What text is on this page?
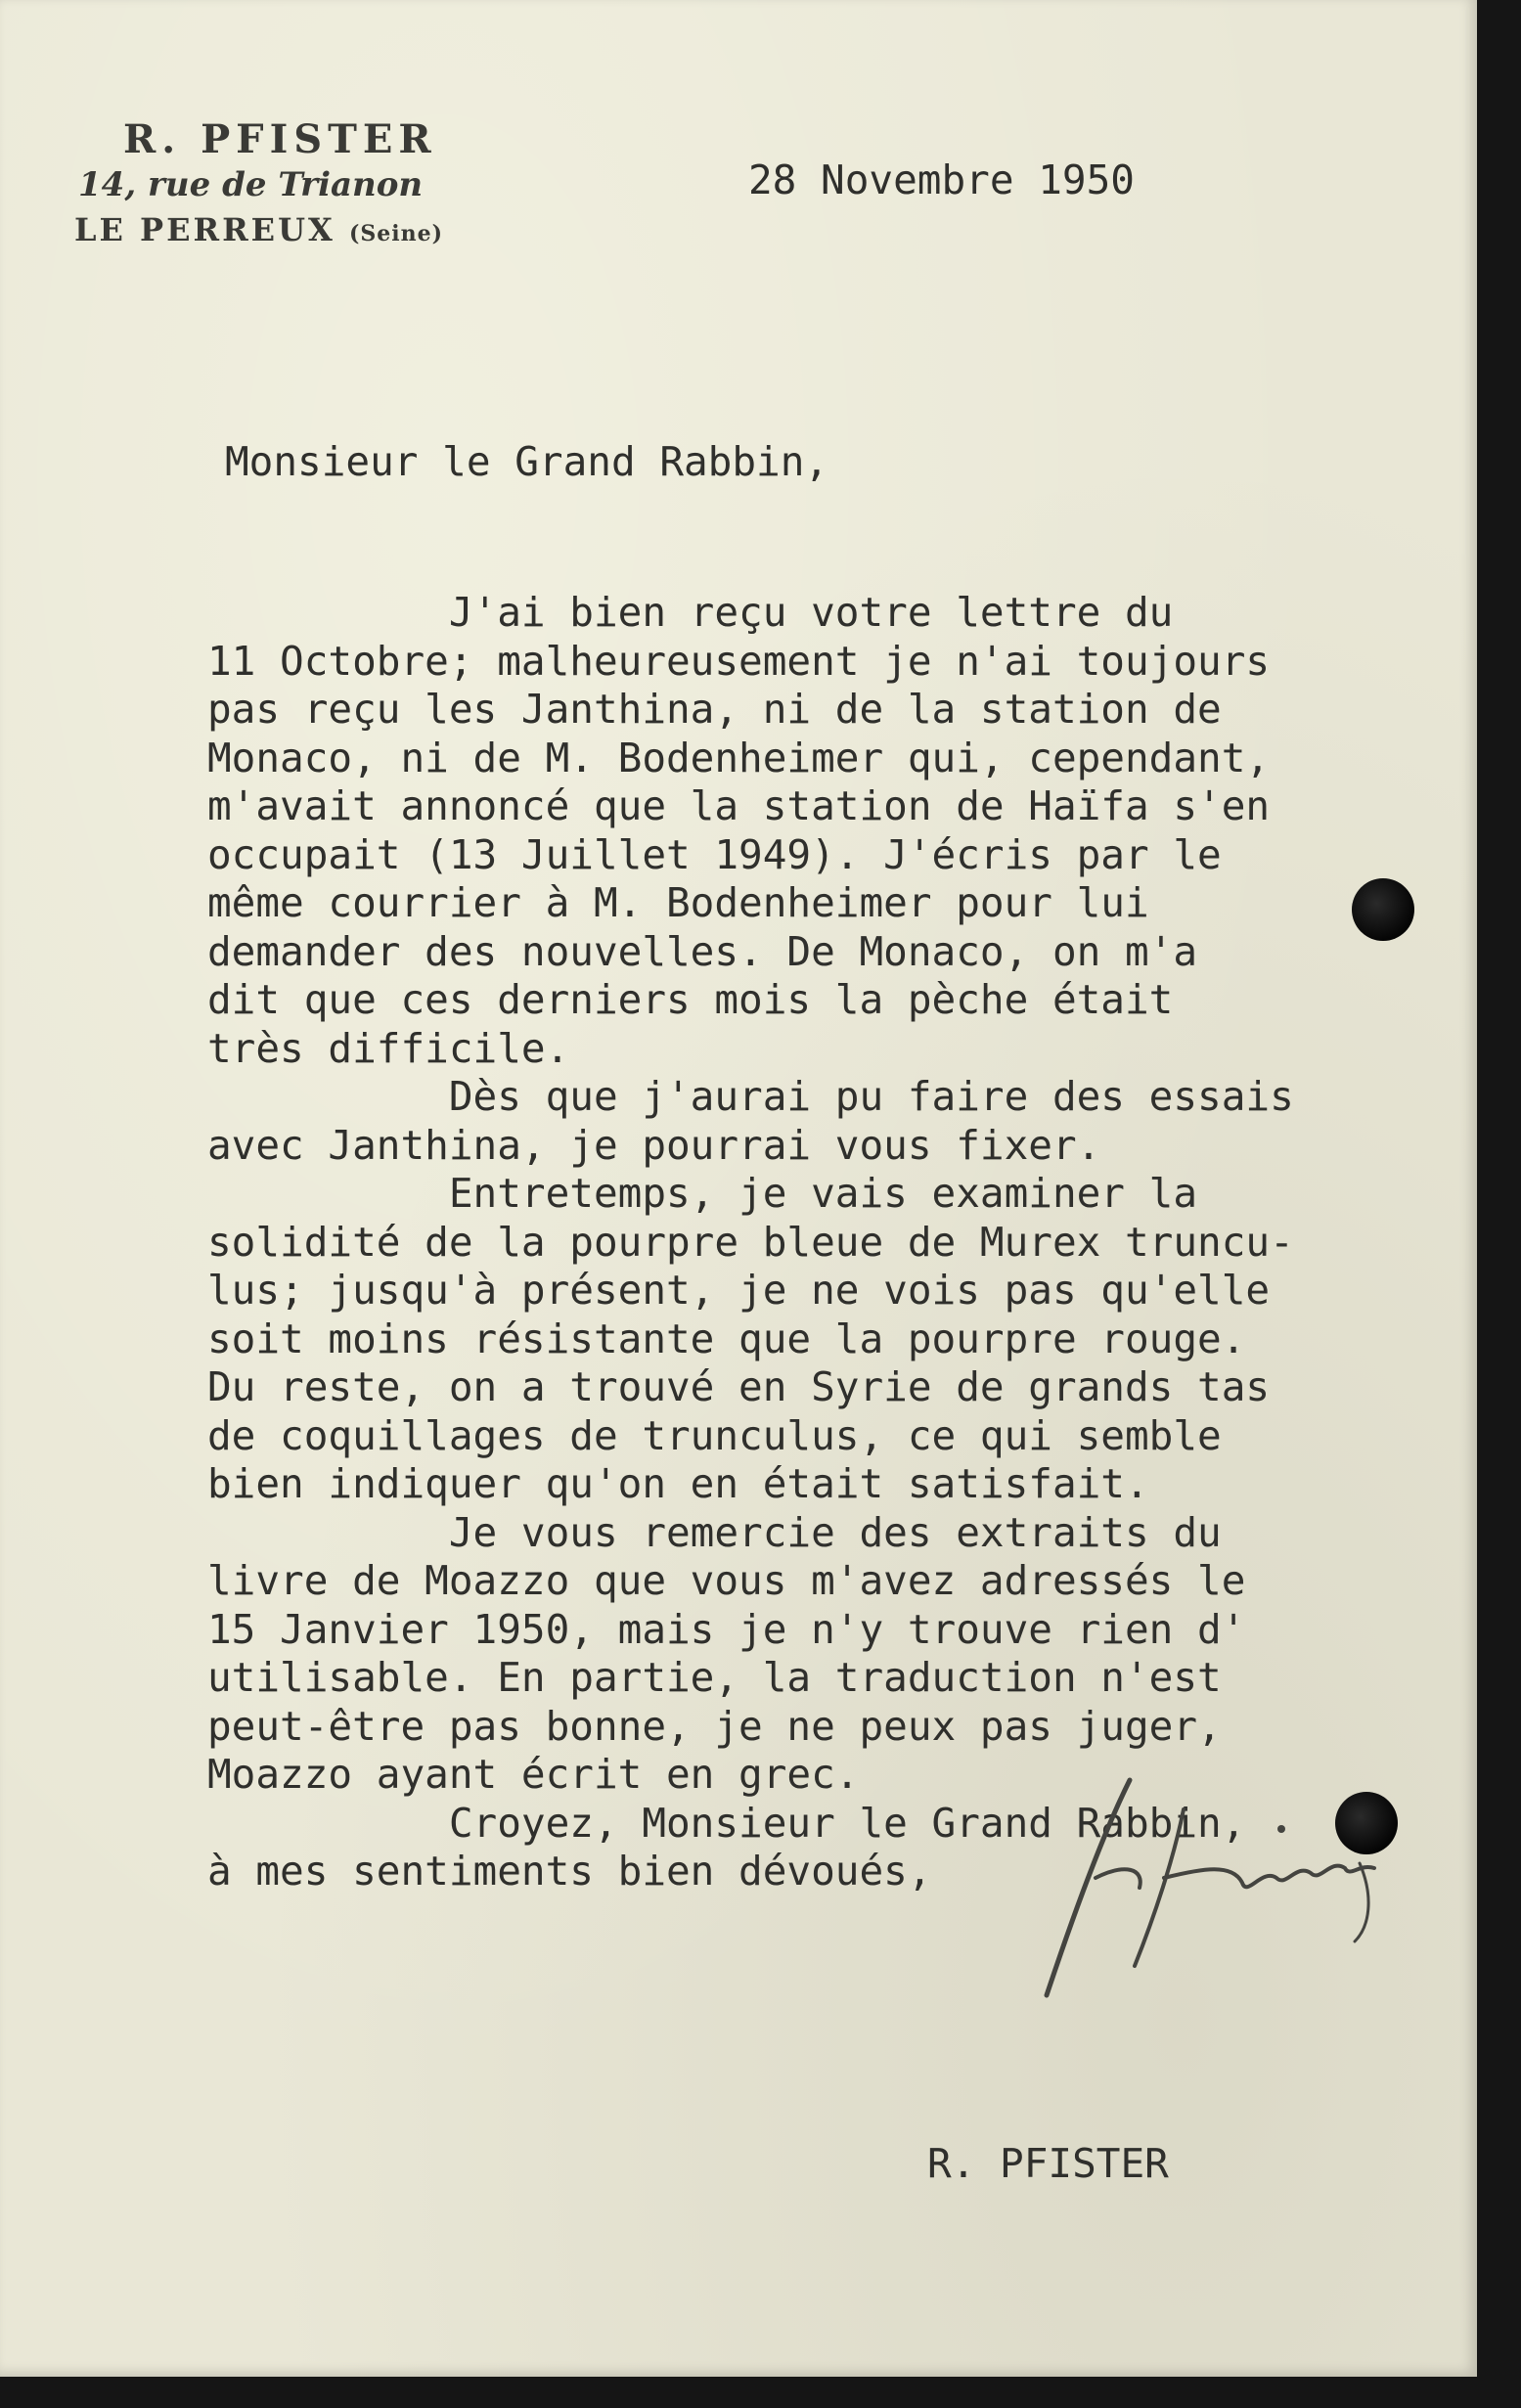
R. PFISTER
14, rue de Trianon
LE PERREUX (Seine)
28 Novembre 1950
Monsieur le Grand Rabbin,
J'ai bien reçu votre lettre du
11 Octobre; malheureusement je n'ai toujours
pas reçu les Janthina, ni de la station de
Monaco, ni de M. Bodenheimer qui, cependant,
m'avait annoncé que la station de Haïfa s'en
occupait (13 Juillet 1949). J'écris par le
même courrier à M. Bodenheimer pour lui
demander des nouvelles. De Monaco, on m'a
dit que ces derniers mois la pèche était
très difficile.
Dès que j'aurai pu faire des essais
avec Janthina, je pourrai vous fixer.
Entretemps, je vais examiner la
solidité de la pourpre bleue de Murex truncu-
lus; jusqu'à présent, je ne vois pas qu'elle
soit moins résistante que la pourpre rouge.
Du reste, on a trouvé en Syrie de grands tas
de coquillages de trunculus, ce qui semble
bien indiquer qu'on en était satisfait.
Je vous remercie des extraits du
livre de Moazzo que vous m'avez adressés le
15 Janvier 1950, mais je n'y trouve rien d'
utilisable. En partie, la traduction n'est
peut-être pas bonne, je ne peux pas juger,
Moazzo ayant écrit en grec.
Croyez, Monsieur le Grand Rabbin,
à mes sentiments bien dévoués,
R. PFISTER
